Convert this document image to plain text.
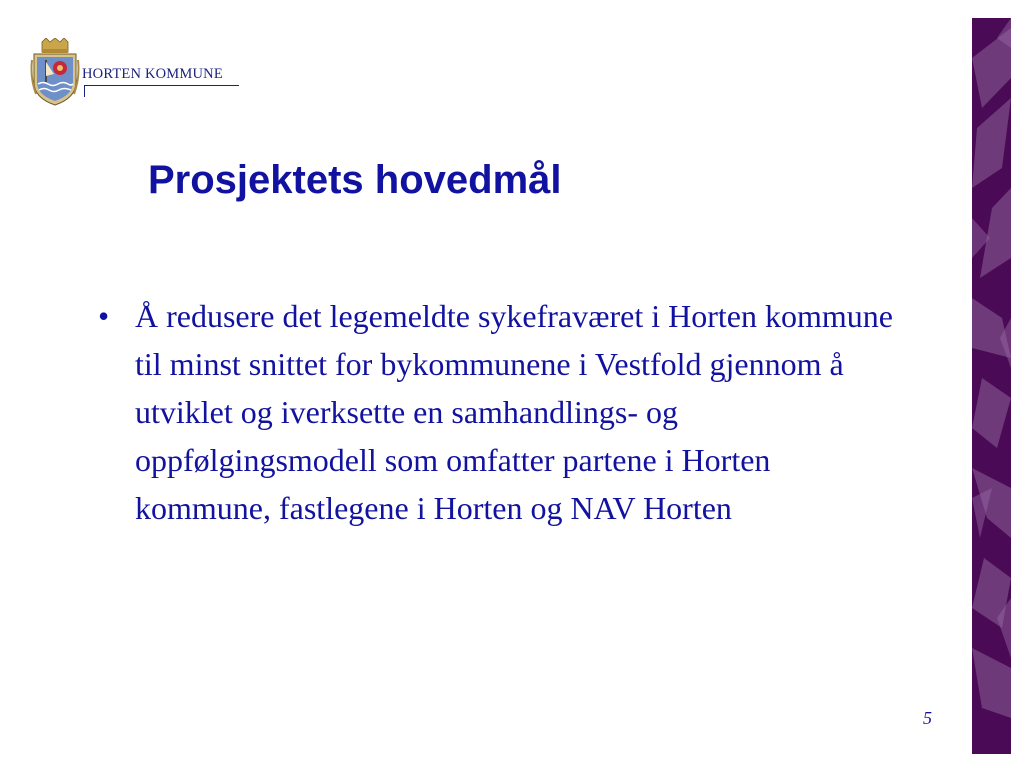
HORTEN KOMMUNE
Prosjektets hovedmål
• Å redusere det legemeldte sykefraværet i Horten kommune til minst snittet for bykommunene i Vestfold gjennom å utviklet og iverksette en samhandlings- og oppfølgingsmodell som omfatter partene i Horten kommune, fastlegene i Horten og NAV Horten
5
